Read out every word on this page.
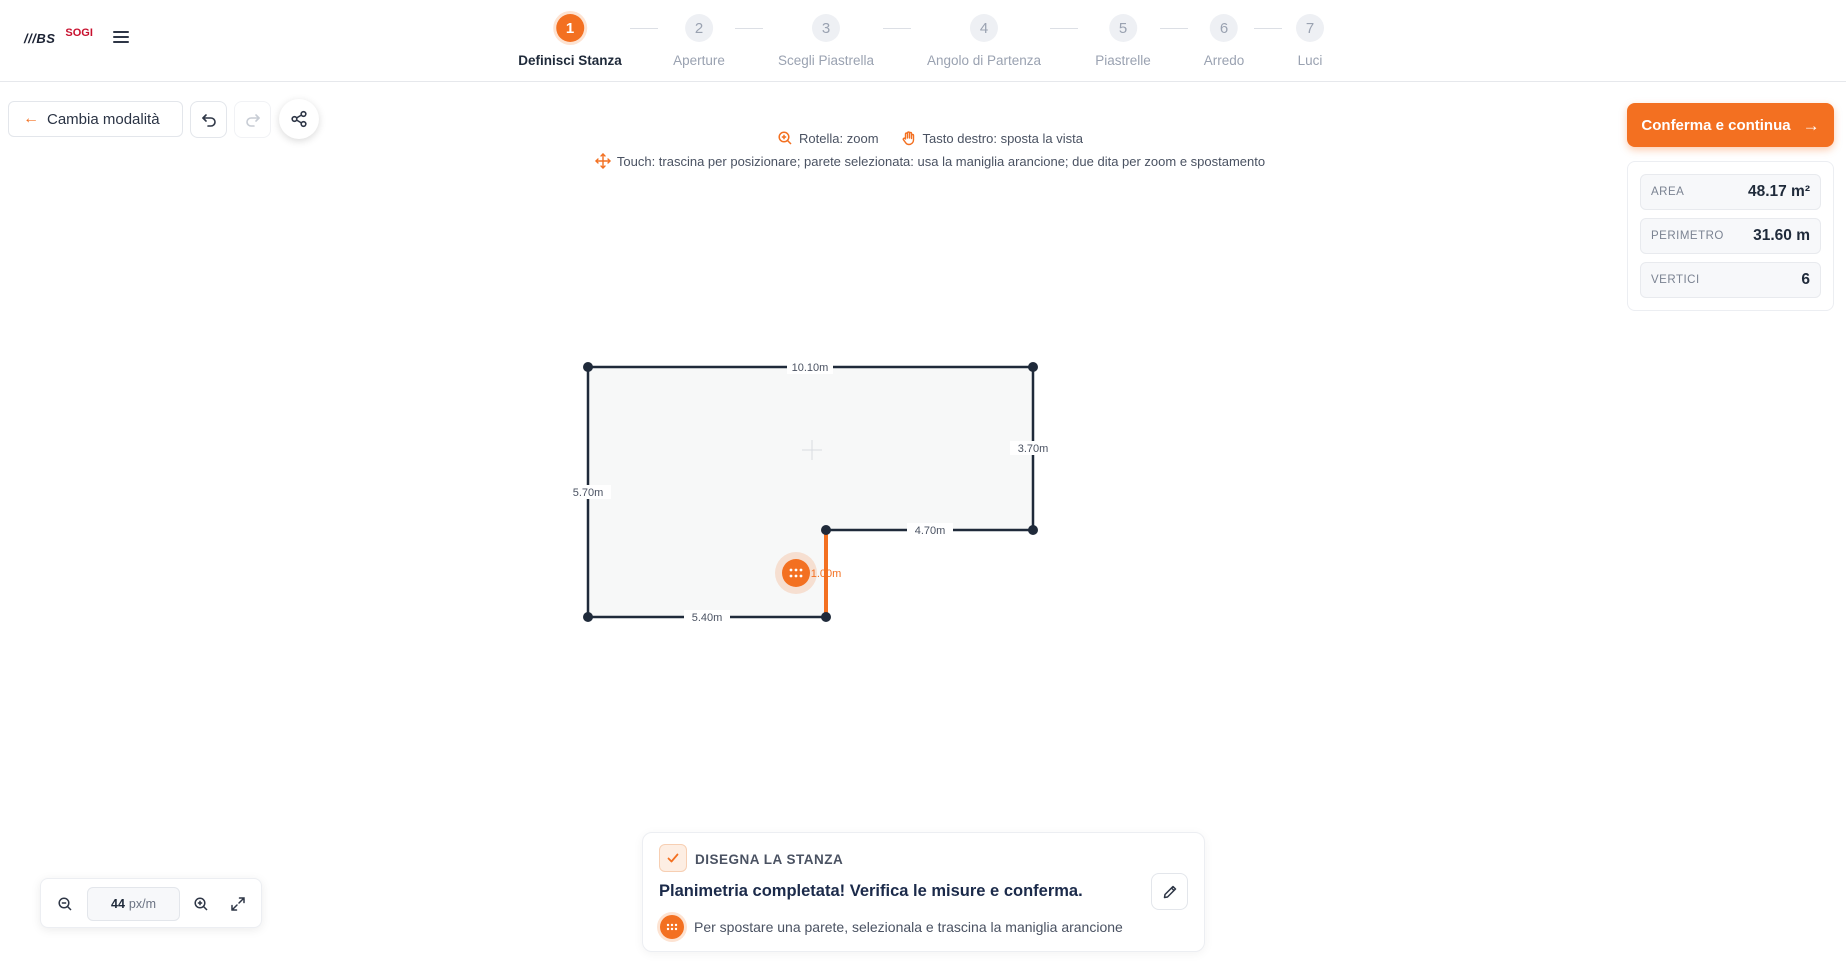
///BS SOGI
	1
Definisci Stanza
2
Aperture
3
Scegli Piastrella
4
Angolo di Partenza
5
Piastrelle
6
Arredo
7
Luci
← Cambia modalità
Rotella: zoom	Tasto destro: sposta la vista
Touch: trascina per posizionare; parete selezionata: usa la maniglia arancione; due dita per zoom e spostamento
Conferma e continua →
AREA	48.17 m²
PERIMETRO 31.60 m
VERTICI	6
10.10m
3.70m
4.70m
1.00m
5.40m
5.70m
44 px/m
DISEGNA LA STANZA
Planimetria completata! Verifica le misure e conferma.
Per spostare una parete, selezionala e trascina la maniglia arancione
